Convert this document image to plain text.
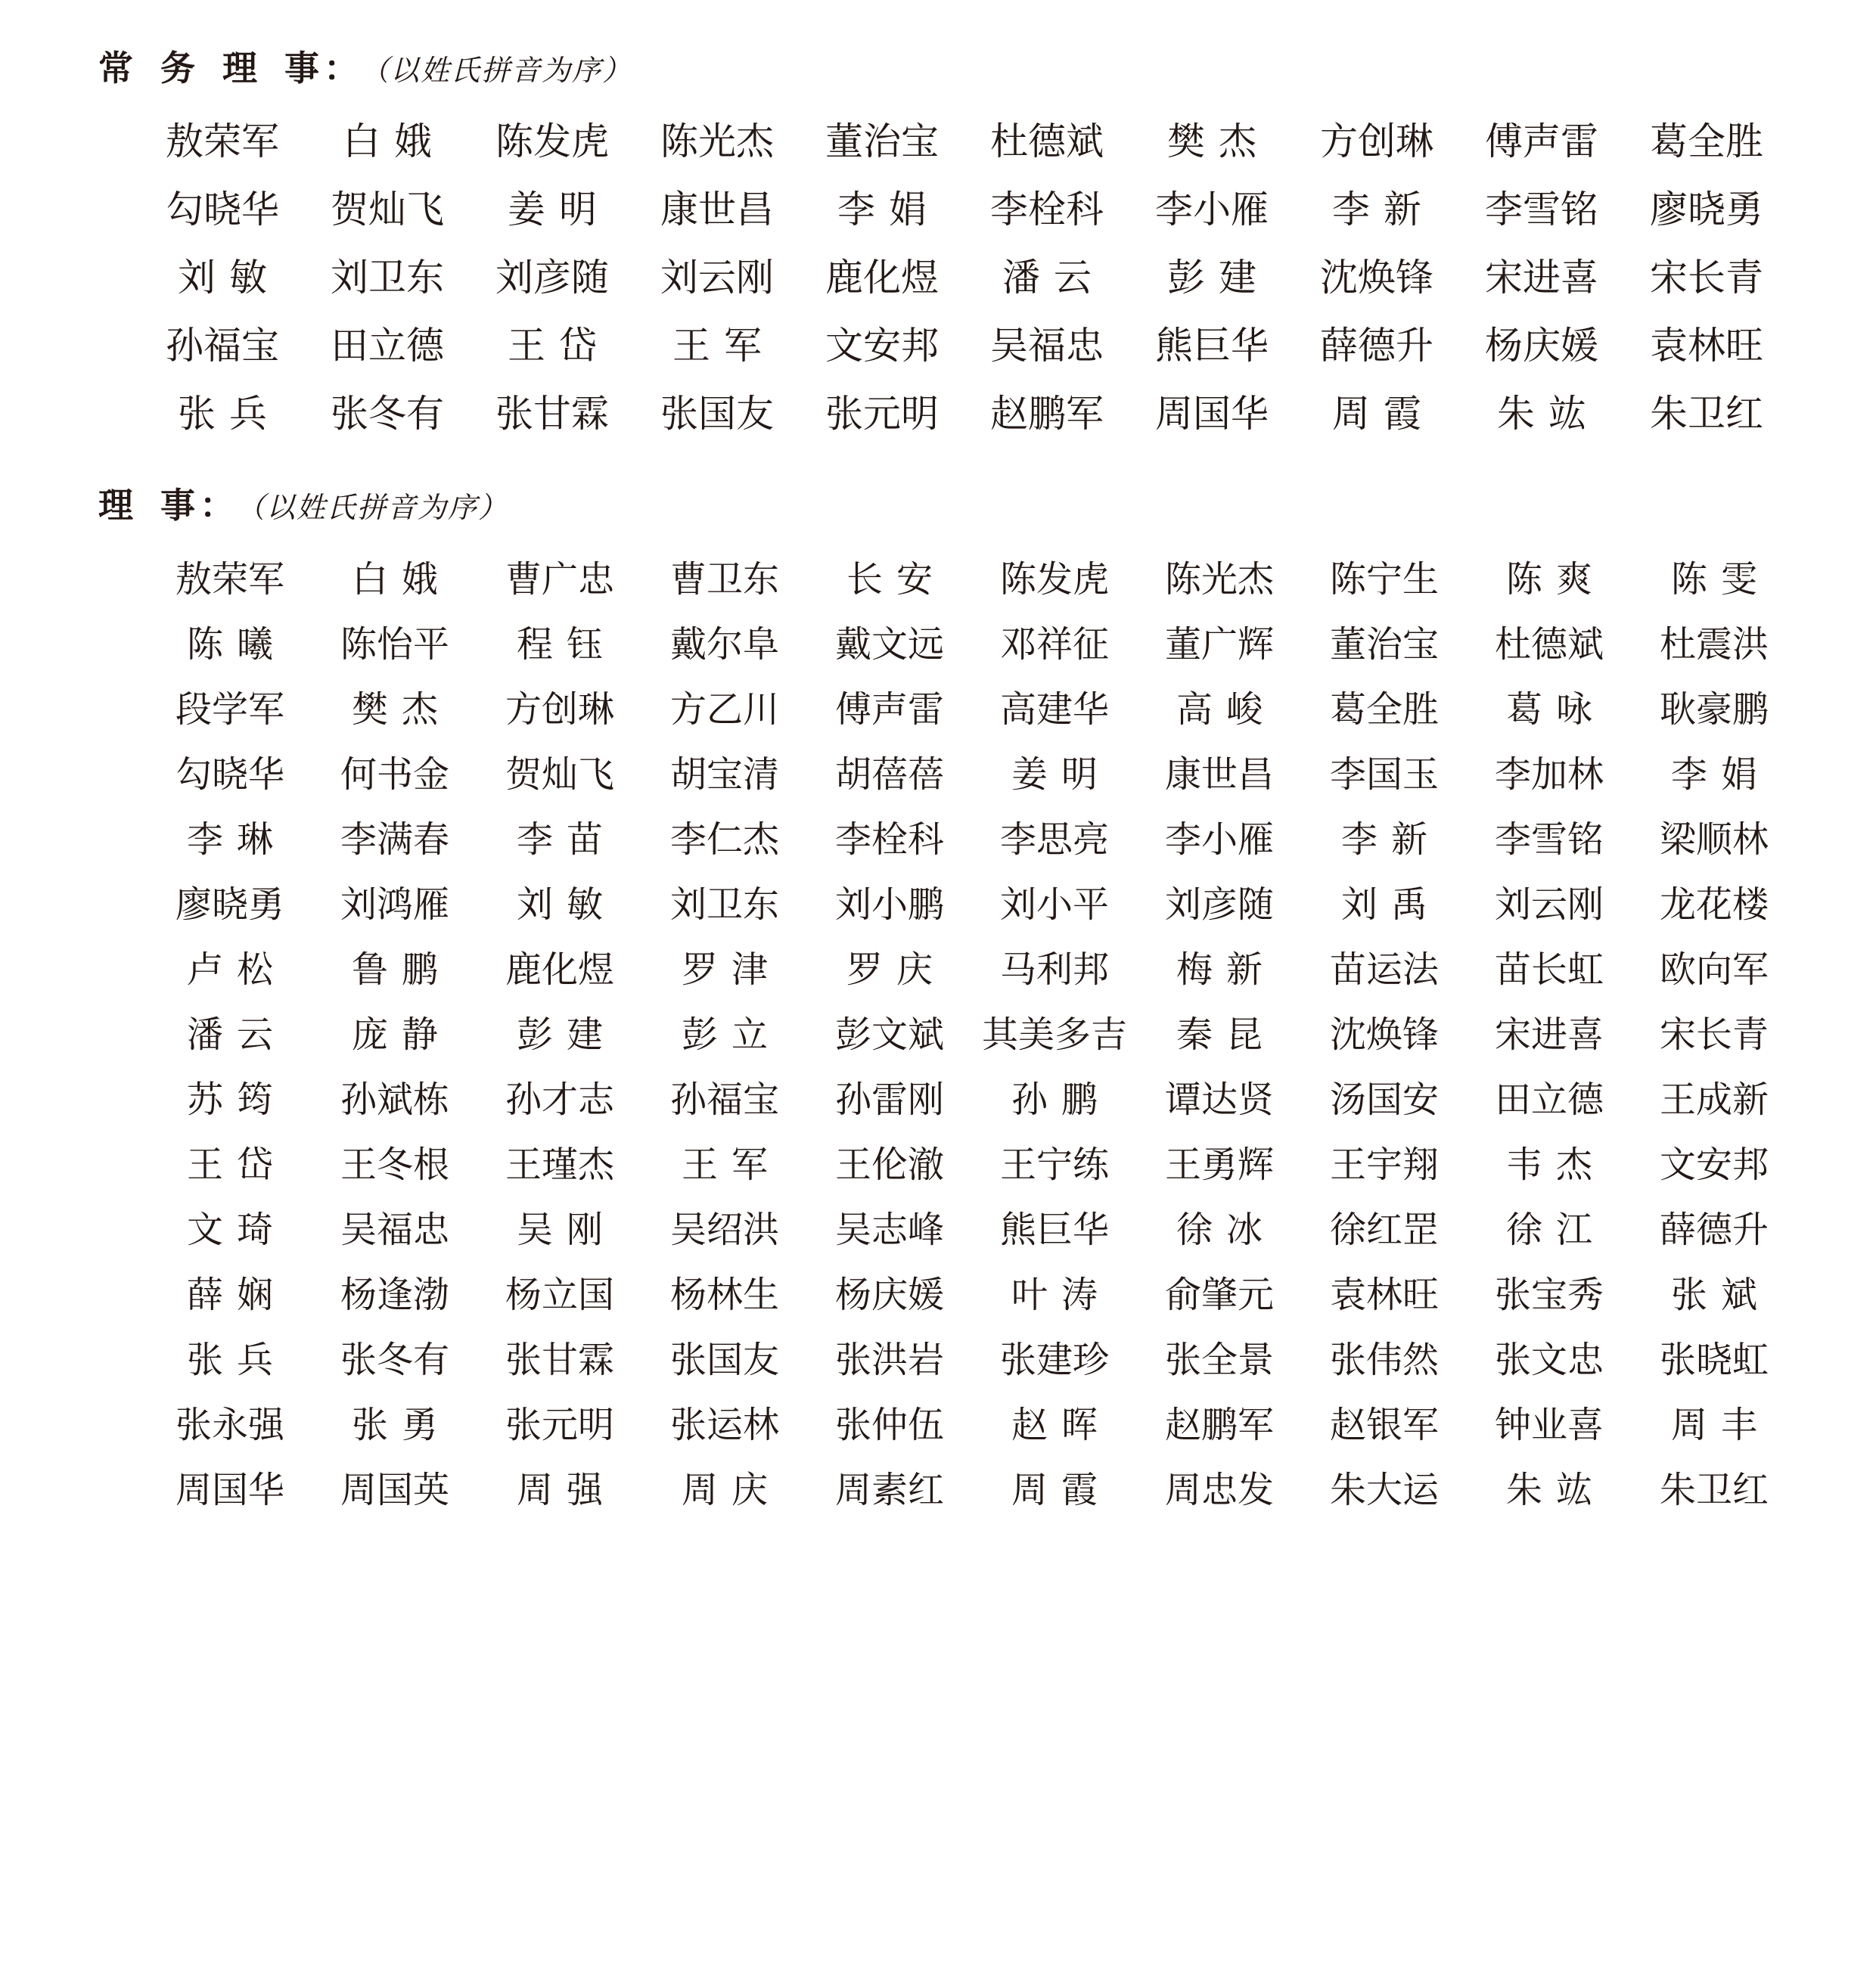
常 务 理 事
： （以姓氏拼音为序）
敖荣军	白娥	陈发虎	陈光杰	董治宝	杜德斌	樊杰	方创琳	傅声雷	葛全胜
勾晓华	贺灿飞	姜明	康世昌	李娟	李栓科	李小雁	李新	李雪铭	廖晓勇
刘敏	刘卫东	刘彦随	刘云刚	鹿化煜	潘云	彭建	沈焕锋	宋进喜	宋长青
孙福宝	田立德	王岱	王军	文安邦	吴福忠	熊巨华	薛德升	杨庆媛	袁林旺
张兵	张冬有	张甘霖	张国友	张元明	赵鹏军	周国华	周霞	朱竑	朱卫红
理 事
： （以姓氏拼音为序）
敖荣军	白娥	曹广忠	曹卫东	长安	陈发虎	陈光杰	陈宁生	陈爽	陈雯
陈曦	陈怡平	程钰	戴尔阜	戴文远	邓祥征	董广辉	董治宝	杜德斌	杜震洪
段学军	樊杰	方创琳	方乙川	傅声雷	高建华	高峻	葛全胜	葛咏	耿豪鹏
勾晓华	何书金	贺灿飞	胡宝清	胡蓓蓓	姜明	康世昌	李国玉	李加林	李娟
李琳	李满春	李苗	李仁杰	李栓科	李思亮	李小雁	李新	李雪铭	梁顺林
廖晓勇	刘鸿雁	刘敏	刘卫东	刘小鹏	刘小平	刘彦随	刘禹	刘云刚	龙花楼
卢松	鲁鹏	鹿化煜	罗津	罗庆	马利邦	梅新	苗运法	苗长虹	欧向军
潘云	庞静	彭建	彭立	彭文斌	其美多吉	秦昆	沈焕锋	宋进喜	宋长青
苏筠	孙斌栋	孙才志	孙福宝	孙雷刚	孙鹏	谭达贤	汤国安	田立德	王成新
王岱	王冬根	王瑾杰	王军	王伦澈	王宁练	王勇辉	王宇翔	韦杰	文安邦
文琦	吴福忠	吴刚	吴绍洪	吴志峰	熊巨华	徐冰	徐红罡	徐江	薛德升
薛娴	杨逢渤	杨立国	杨林生	杨庆媛	叶涛	俞肇元	袁林旺	张宝秀	张斌
张兵	张冬有	张甘霖	张国友	张洪岩	张建珍	张全景	张伟然	张文忠	张晓虹
张永强	张勇	张元明	张运林	张仲伍	赵晖	赵鹏军	赵银军	钟业喜	周丰
周国华	周国英	周强	周庆	周素红	周霞	周忠发	朱大运	朱竑	朱卫红
